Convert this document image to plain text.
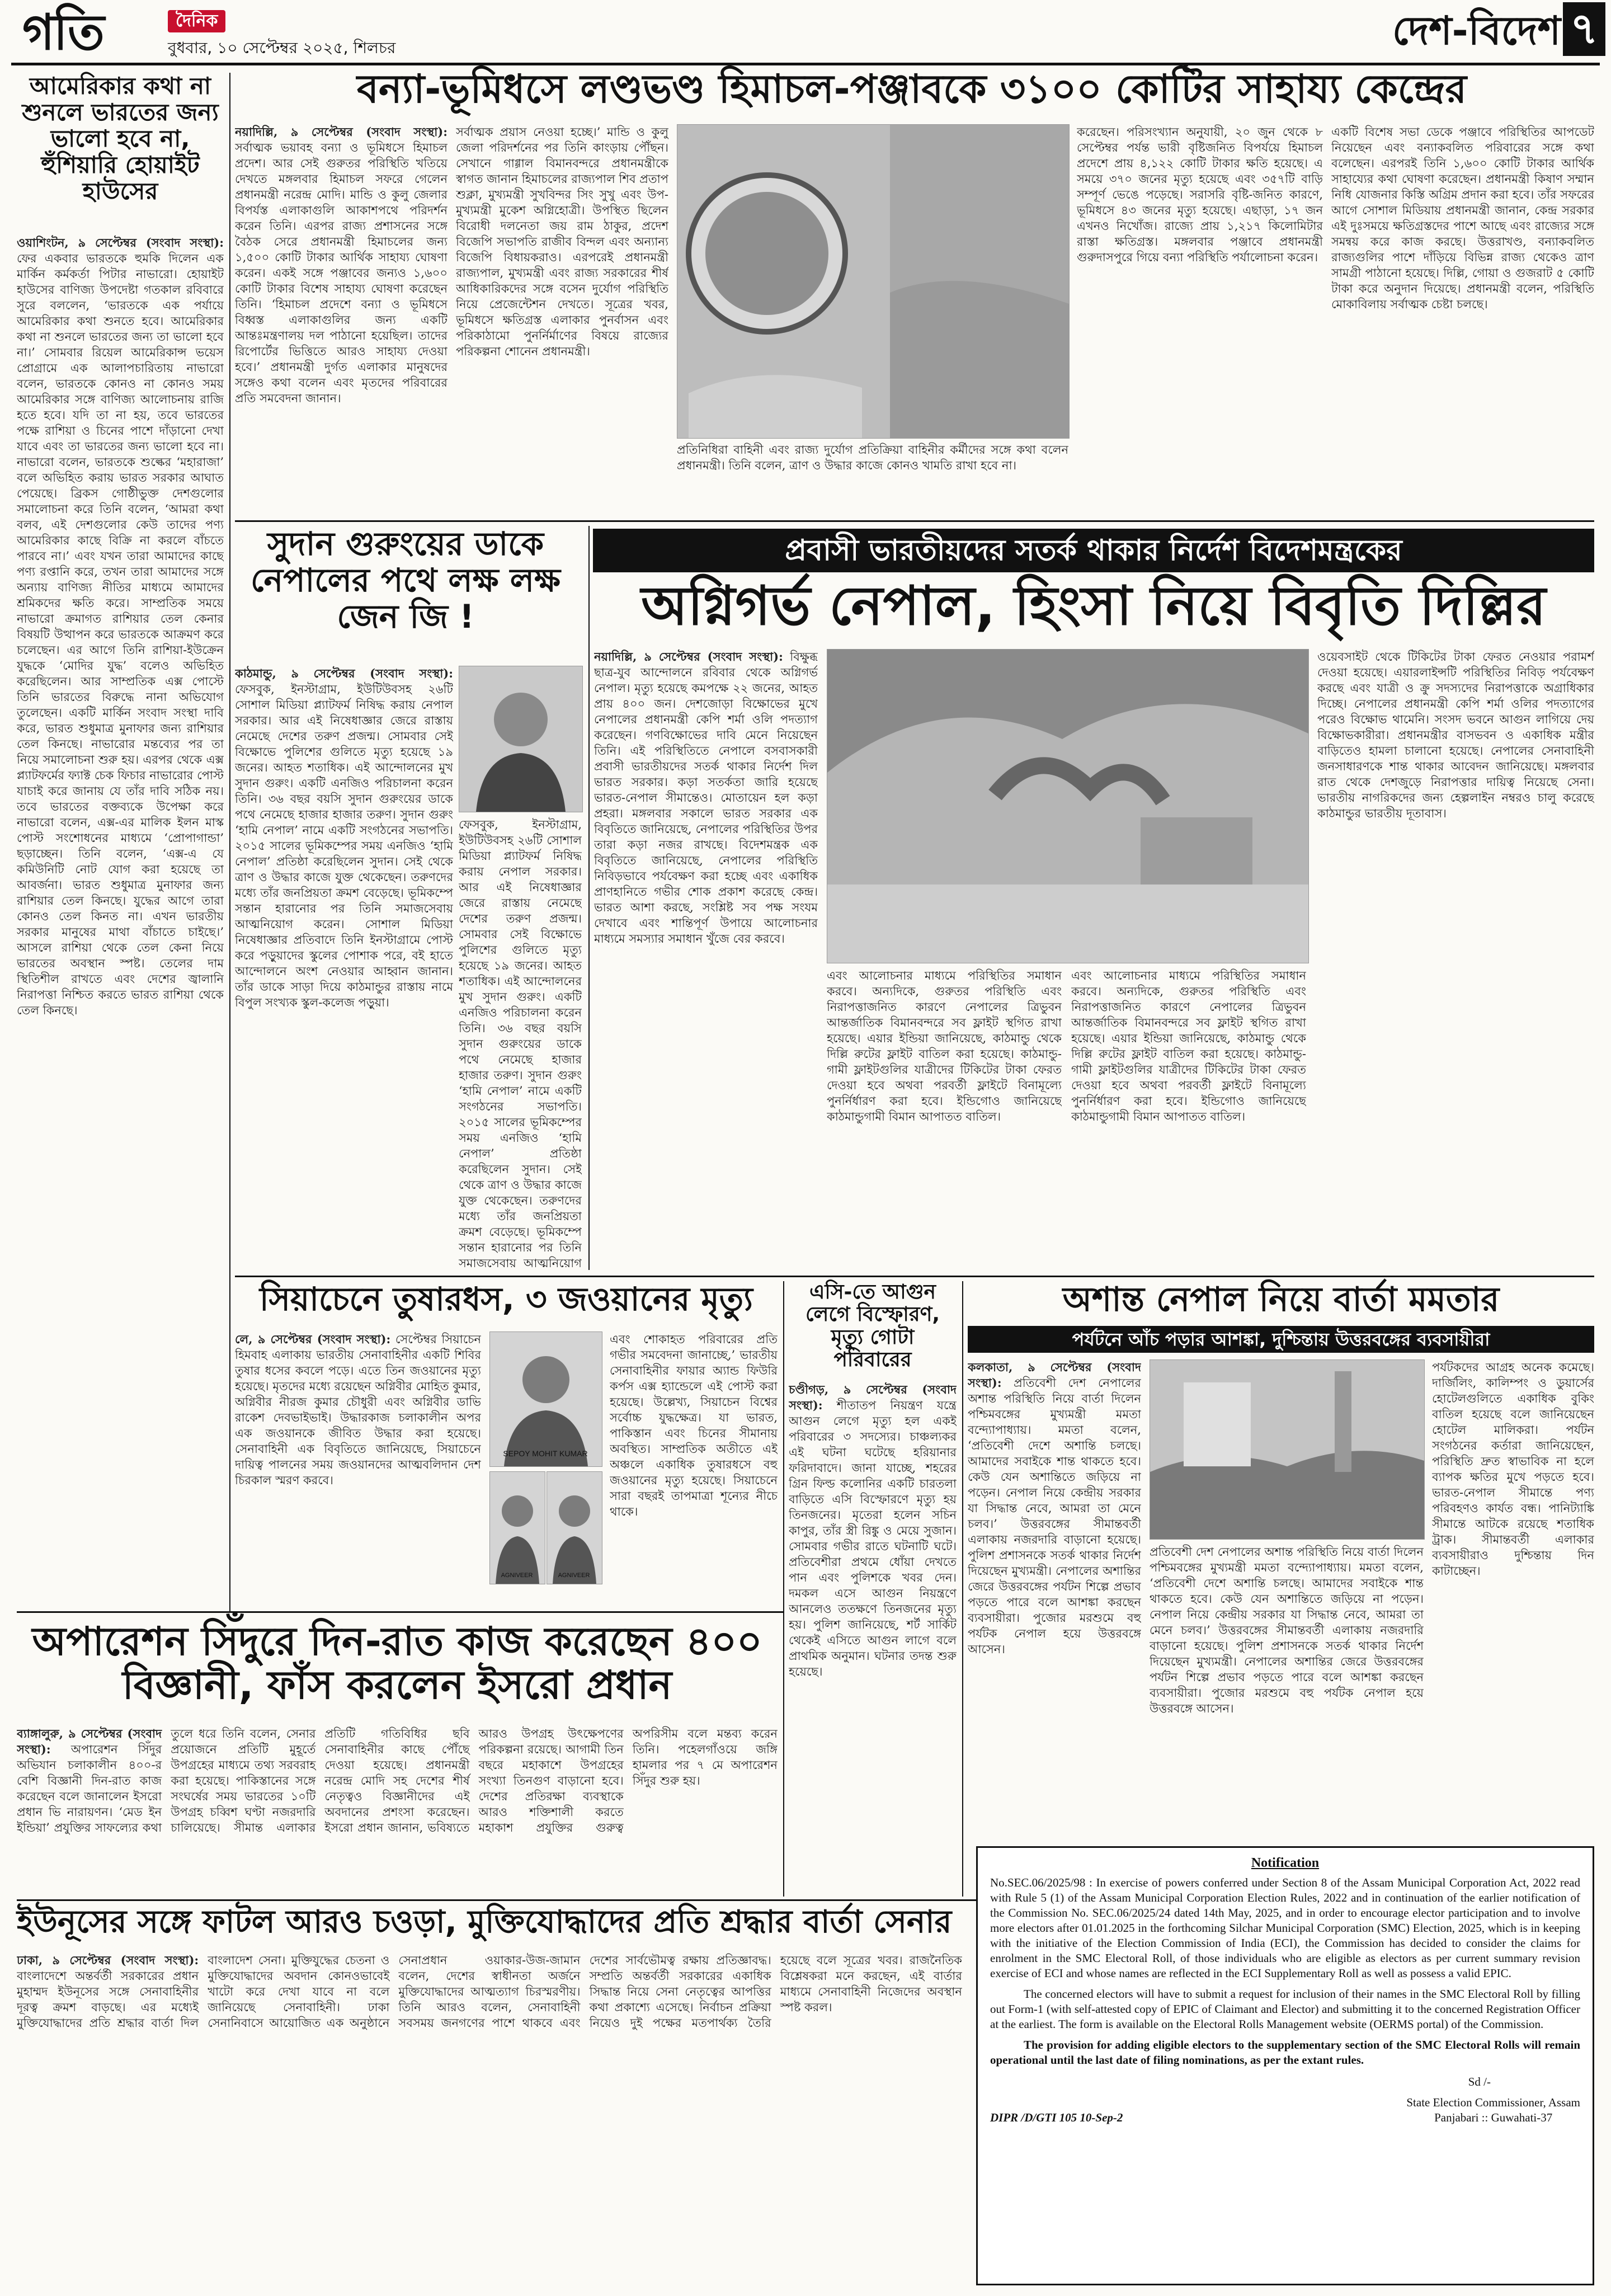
গতি	দৈনিক
বুধবার, ১০ সেপ্টেম্বর ২০২৫, শিলচর	দেশ-বিদেশ ৭
আমেরিকার কথা না শুনলে ভারতের জন্য ভালো হবে না, হুঁশিয়ারি হোয়াইট হাউসের
ওয়াশিংটন, ৯ সেপ্টেম্বর (সংবাদ সংস্থা): ফের একবার ভারতকে হুমকি দিলেন এক মার্কিন কর্মকর্তা পিটার নাভারো। হোয়াইট হাউসের বাণিজ্য উপদেষ্টা গতকাল রবিবারে সুরে বললেন, ‘ভারতকে এক পর্যায়ে আমেরিকার কথা শুনতে হবে। আমেরিকার কথা না শুনলে ভারতের জন্য তা ভালো হবে না।’ সোমবার রিয়েল আমেরিকান্স ভয়েস প্রোগ্রামে এক আলাপচারিতায় নাভারো বলেন, ভারতকে কোনও না কোনও সময় আমেরিকার সঙ্গে বাণিজ্য আলোচনায় রাজি হতে হবে। যদি তা না হয়, তবে ভারতের পক্ষে রাশিয়া ও চিনের পাশে দাঁড়ানো দেখা যাবে এবং তা ভারতের জন্য ভালো হবে না। নাভারো বলেন, ভারতকে শুল্কের ‘মহারাজা’ বলে অভিহিত করায় ভারত সরকার আঘাত পেয়েছে। ব্রিকস গোষ্ঠীভুক্ত দেশগুলোর সমালোচনা করে তিনি বলেন, ‘আমরা কথা বলব, এই দেশগুলোর কেউ তাদের পণ্য আমেরিকার কাছে বিক্রি না করলে বাঁচতে পারবে না।’ এবং যখন তারা আমাদের কাছে পণ্য রপ্তানি করে, তখন তারা আমাদের সঙ্গে অন্যায় বাণিজ্য নীতির মাধ্যমে আমাদের শ্রমিকদের ক্ষতি করে। সাম্প্রতিক সময়ে নাভারো ক্রমাগত রাশিয়ার তেল কেনার বিষয়টি উত্থাপন করে ভারতকে আক্রমণ করে চলেছেন। এর আগে তিনি রাশিয়া-ইউক্রেন যুদ্ধকে ‘মোদির যুদ্ধ’ বলেও অভিহিত করেছিলেন। আর সাম্প্রতিক এক্স পোস্টে তিনি ভারতের বিরুদ্ধে নানা অভিযোগ তুলেছেন। একটি মার্কিন সংবাদ সংস্থা দাবি করে, ভারত শুধুমাত্র মুনাফার জন্য রাশিয়ার তেল কিনছে। নাভারোর মন্তব্যের পর তা নিয়ে সমালোচনা শুরু হয়। এরপর থেকে এক্স প্ল্যাটফর্মের ফ্যাক্ট চেক ফিচার নাভারোর পোস্ট যাচাই করে জানায় যে তাঁর দাবি সঠিক নয়। তবে ভারতের বক্তব্যকে উপেক্ষা করে নাভারো বলেন, এক্স-এর মালিক ইলন মাস্ক পোস্ট সংশোধনের মাধ্যমে ‘প্রোপাগান্ডা’ ছড়াচ্ছেন। তিনি বলেন, ‘এক্স-এ যে কমিউনিটি নোট যোগ করা হয়েছে তা আবর্জনা। ভারত শুধুমাত্র মুনাফার জন্য রাশিয়ার তেল কিনছে। যুদ্ধের আগে তারা কোনও তেল কিনত না। এখন ভারতীয় সরকার মানুষের মাথা বাঁচাতে চাইছে।’ আসলে রাশিয়া থেকে তেল কেনা নিয়ে ভারতের অবস্থান স্পষ্ট। তেলের দাম স্থিতিশীল রাখতে এবং দেশের জ্বালানি নিরাপত্তা নিশ্চিত করতে ভারত রাশিয়া থেকে তেল কিনছে।
বন্যা-ভূমিধসে লণ্ডভণ্ড হিমাচল-পঞ্জাবকে ৩১০০ কোটির সাহায্য কেন্দ্রের
নয়াদিল্লি, ৯ সেপ্টেম্বর (সংবাদ সংস্থা): সর্বাত্মক ভয়াবহ বন্যা ও ভূমিধসে হিমাচল প্রদেশ। আর সেই গুরুতর পরিস্থিতি খতিয়ে দেখতে মঙ্গলবার হিমাচল সফরে গেলেন প্রধানমন্ত্রী নরেন্দ্র মোদি। মান্ডি ও কুলু জেলার বিপর্যস্ত এলাকাগুলি আকাশপথে পরিদর্শন করেন তিনি। এরপর রাজ্য প্রশাসনের সঙ্গে বৈঠক সেরে প্রধানমন্ত্রী হিমাচলের জন্য ১,৫০০ কোটি টাকার আর্থিক সাহায্য ঘোষণা করেন। একই সঙ্গে পঞ্জাবের জন্যও ১,৬০০ কোটি টাকার বিশেষ সাহায্য ঘোষণা করেছেন তিনি। ‘হিমাচল প্রদেশে বন্যা ও ভূমিধসে বিধ্বস্ত এলাকাগুলির জন্য একটি আন্তঃমন্ত্রণালয় দল পাঠানো হয়েছিল। তাদের রিপোর্টের ভিত্তিতে আরও সাহায্য দেওয়া হবে।’ প্রধানমন্ত্রী দুর্গত এলাকার মানুষদের সঙ্গেও কথা বলেন এবং মৃতদের পরিবারের প্রতি সমবেদনা জানান।
সর্বাত্মক প্রয়াস নেওয়া হচ্ছে।’ মান্ডি ও কুলু জেলা পরিদর্শনের পর তিনি কাংড়ায় পৌঁছন। সেখানে গাগ্গাল বিমানবন্দরে প্রধানমন্ত্রীকে স্বাগত জানান হিমাচলের রাজ্যপাল শিব প্রতাপ শুক্লা, মুখ্যমন্ত্রী সুখবিন্দর সিং সুখু এবং উপ-মুখ্যমন্ত্রী মুকেশ অগ্নিহোত্রী। উপস্থিত ছিলেন বিরোধী দলনেতা জয় রাম ঠাকুর, প্রদেশ বিজেপি সভাপতি রাজীব বিন্দল এবং অন্যান্য বিজেপি বিধায়করাও। এরপরেই প্রধানমন্ত্রী রাজ্যপাল, মুখ্যমন্ত্রী এবং রাজ্য সরকারের শীর্ষ আধিকারিকদের সঙ্গে বসেন দুর্যোগ পরিস্থিতি নিয়ে প্রেজেন্টেশন দেখতে। সূত্রের খবর, ভূমিধসে ক্ষতিগ্রস্ত এলাকার পুনর্বাসন এবং পরিকাঠামো পুনর্নির্মাণের বিষয়ে রাজ্যের পরিকল্পনা শোনেন প্রধানমন্ত্রী।
প্রতিনিধিরা বাহিনী এবং রাজ্য দুর্যোগ প্রতিক্রিয়া বাহিনীর কর্মীদের সঙ্গে কথা বলেন প্রধানমন্ত্রী। তিনি বলেন, ত্রাণ ও উদ্ধার কাজে কোনও খামতি রাখা হবে না।
করেছেন। পরিসংখ্যান অনুযায়ী, ২০ জুন থেকে ৮ সেপ্টেম্বর পর্যন্ত ভারী বৃষ্টিজনিত বিপর্যয়ে হিমাচল প্রদেশে প্রায় ৪,১২২ কোটি টাকার ক্ষতি হয়েছে। এ সময়ে ৩৭০ জনের মৃত্যু হয়েছে এবং ৩৫৭টি বাড়ি সম্পূর্ণ ভেঙে পড়েছে। সরাসরি বৃষ্টি-জনিত কারণে, ভূমিধসে ৪৩ জনের মৃত্যু হয়েছে। এছাড়া, ১৭ জন এখনও নিখোঁজ। রাজ্যে প্রায় ১,২১৭ কিলোমিটার রাস্তা ক্ষতিগ্রস্ত। মঙ্গলবার পঞ্জাবে প্রধানমন্ত্রী গুরুদাসপুরে গিয়ে বন্যা পরিস্থিতি পর্যালোচনা করেন।
একটি বিশেষ সভা ডেকে পঞ্জাবে পরিস্থিতির আপডেট নিয়েছেন এবং বন্যাকবলিত পরিবারের সঙ্গে কথা বলেছেন। এরপরই তিনি ১,৬০০ কোটি টাকার আর্থিক সাহায্যের কথা ঘোষণা করেছেন। প্রধানমন্ত্রী কিষাণ সম্মান নিধি যোজনার কিস্তি অগ্রিম প্রদান করা হবে। তাঁর সফরের আগে সোশাল মিডিয়ায় প্রধানমন্ত্রী জানান, কেন্দ্র সরকার এই দুঃসময়ে ক্ষতিগ্রস্তদের পাশে আছে এবং রাজ্যের সঙ্গে সমন্বয় করে কাজ করছে। উত্তরাখণ্ড, বন্যাকবলিত রাজ্যগুলির পাশে দাঁড়িয়ে বিভিন্ন রাজ্য থেকেও ত্রাণ সামগ্রী পাঠানো হয়েছে। দিল্লি, গোয়া ও গুজরাট ৫ কোটি টাকা করে অনুদান দিয়েছে। প্রধানমন্ত্রী বলেন, পরিস্থিতি মোকাবিলায় সর্বাত্মক চেষ্টা চলছে।
সুদান গুরুংয়ের ডাকে নেপালের পথে লক্ষ লক্ষ জেন জি !
কাঠমান্ডু, ৯ সেপ্টেম্বর (সংবাদ সংস্থা): ফেসবুক, ইনস্টাগ্রাম, ইউটিউবসহ ২৬টি সোশাল মিডিয়া প্ল্যাটফর্ম নিষিদ্ধ করায় নেপাল সরকার। আর এই নিষেধাজ্ঞার জেরে রাস্তায় নেমেছে দেশের তরুণ প্রজন্ম। সোমবার সেই বিক্ষোভে পুলিশের গুলিতে মৃত্যু হয়েছে ১৯ জনের। আহত শতাধিক। এই আন্দোলনের মুখ সুদান গুরুং। একটি এনজিও পরিচালনা করেন তিনি। ৩৬ বছর বয়সি সুদান গুরুংয়ের ডাকে পথে নেমেছে হাজার হাজার তরুণ। সুদান গুরুং ‘হামি নেপাল’ নামে একটি সংগঠনের সভাপতি। ২০১৫ সালের ভূমিকম্পের সময় এনজিও ‘হামি নেপাল’ প্রতিষ্ঠা করেছিলেন সুদান। সেই থেকে ত্রাণ ও উদ্ধার কাজে যুক্ত থেকেছেন। তরুণদের মধ্যে তাঁর জনপ্রিয়তা ক্রমশ বেড়েছে। ভূমিকম্পে সন্তান হারানোর পর তিনি সমাজসেবায় আত্মনিয়োগ করেন। সোশাল মিডিয়া নিষেধাজ্ঞার প্রতিবাদে তিনি ইনস্টাগ্রামে পোস্ট করে পড়ুয়াদের স্কুলের পোশাক পরে, বই হাতে আন্দোলনে অংশ নেওয়ার আহ্বান জানান। তাঁর ডাকে সাড়া দিয়ে কাঠমান্ডুর রাস্তায় নামে বিপুল সংখ্যক স্কুল-কলেজ পড়ুয়া।
ফেসবুক, ইনস্টাগ্রাম, ইউটিউবসহ ২৬টি সোশাল মিডিয়া প্ল্যাটফর্ম নিষিদ্ধ করায় নেপাল সরকার। আর এই নিষেধাজ্ঞার জেরে রাস্তায় নেমেছে দেশের তরুণ প্রজন্ম। সোমবার সেই বিক্ষোভে পুলিশের গুলিতে মৃত্যু হয়েছে ১৯ জনের। আহত শতাধিক। এই আন্দোলনের মুখ সুদান গুরুং। একটি এনজিও পরিচালনা করেন তিনি। ৩৬ বছর বয়সি সুদান গুরুংয়ের ডাকে পথে নেমেছে হাজার হাজার তরুণ। সুদান গুরুং ‘হামি নেপাল’ নামে একটি সংগঠনের সভাপতি। ২০১৫ সালের ভূমিকম্পের সময় এনজিও ‘হামি নেপাল’ প্রতিষ্ঠা করেছিলেন সুদান। সেই থেকে ত্রাণ ও উদ্ধার কাজে যুক্ত থেকেছেন। তরুণদের মধ্যে তাঁর জনপ্রিয়তা ক্রমশ বেড়েছে। ভূমিকম্পে সন্তান হারানোর পর তিনি সমাজসেবায় আত্মনিয়োগ
প্রবাসী ভারতীয়দের সতর্ক থাকার নির্দেশ বিদেশমন্ত্রকের
অগ্নিগর্ভ নেপাল, হিংসা নিয়ে বিবৃতি দিল্লির
নয়াদিল্লি, ৯ সেপ্টেম্বর (সংবাদ সংস্থা): বিক্ষুব্ধ ছাত্র-যুব আন্দোলনে রবিবার থেকে অগ্নিগর্ভ নেপাল। মৃত্যু হয়েছে কমপক্ষে ২২ জনের, আহত প্রায় ৪০০ জন। দেশজোড়া বিক্ষোভের মুখে নেপালের প্রধানমন্ত্রী কেপি শর্মা ওলি পদত্যাগ করেছেন। গণবিক্ষোভের দাবি মেনে নিয়েছেন তিনি। এই পরিস্থিতিতে নেপালে বসবাসকারী প্রবাসী ভারতীয়দের সতর্ক থাকার নির্দেশ দিল ভারত সরকার। কড়া সতর্কতা জারি হয়েছে ভারত-নেপাল সীমান্তেও। মোতায়েন হল কড়া প্রহরা। মঙ্গলবার সকালে ভারত সরকার এক বিবৃতিতে জানিয়েছে, নেপালের পরিস্থিতির উপর তারা কড়া নজর রাখছে। বিদেশমন্ত্রক এক বিবৃতিতে জানিয়েছে, নেপালের পরিস্থিতি নিবিড়ভাবে পর্যবেক্ষণ করা হচ্ছে এবং একাধিক প্রাণহানিতে গভীর শোক প্রকাশ করেছে কেন্দ্র। ভারত আশা করছে, সংশ্লিষ্ট সব পক্ষ সংযম দেখাবে এবং শান্তিপূর্ণ উপায়ে আলোচনার মাধ্যমে সমস্যার সমাধান খুঁজে বের করবে।
এবং আলোচনার মাধ্যমে পরিস্থিতির সমাধান করবে। অন্যদিকে, গুরুতর পরিস্থিতি এবং নিরাপত্তাজনিত কারণে নেপালের ত্রিভুবন আন্তর্জাতিক বিমানবন্দরে সব ফ্লাইট স্থগিত রাখা হয়েছে। এয়ার ইন্ডিয়া জানিয়েছে, কাঠমান্ডু থেকে দিল্লি রুটের ফ্লাইট বাতিল করা হয়েছে। কাঠমান্ডু-গামী ফ্লাইটগুলির যাত্রীদের টিকিটের টাকা ফেরত দেওয়া হবে অথবা পরবর্তী ফ্লাইটে বিনামূল্যে পুনর্নির্ধারণ করা হবে। ইন্ডিগোও জানিয়েছে কাঠমান্ডুগামী বিমান আপাতত বাতিল।
এবং আলোচনার মাধ্যমে পরিস্থিতির সমাধান করবে। অন্যদিকে, গুরুতর পরিস্থিতি এবং নিরাপত্তাজনিত কারণে নেপালের ত্রিভুবন আন্তর্জাতিক বিমানবন্দরে সব ফ্লাইট স্থগিত রাখা হয়েছে। এয়ার ইন্ডিয়া জানিয়েছে, কাঠমান্ডু থেকে দিল্লি রুটের ফ্লাইট বাতিল করা হয়েছে। কাঠমান্ডু-গামী ফ্লাইটগুলির যাত্রীদের টিকিটের টাকা ফেরত দেওয়া হবে অথবা পরবর্তী ফ্লাইটে বিনামূল্যে পুনর্নির্ধারণ করা হবে। ইন্ডিগোও জানিয়েছে কাঠমান্ডুগামী বিমান আপাতত বাতিল।
ওয়েবসাইট থেকে টিকিটের টাকা ফেরত নেওয়ার পরামর্শ দেওয়া হয়েছে। এয়ারলাইন্সটি পরিস্থিতির নিবিড় পর্যবেক্ষণ করছে এবং যাত্রী ও ক্রু সদস্যদের নিরাপত্তাকে অগ্রাধিকার দিচ্ছে। নেপালের প্রধানমন্ত্রী কেপি শর্মা ওলির পদত্যাগের পরেও বিক্ষোভ থামেনি। সংসদ ভবনে আগুন লাগিয়ে দেয় বিক্ষোভকারীরা। প্রধানমন্ত্রীর বাসভবন ও একাধিক মন্ত্রীর বাড়িতেও হামলা চালানো হয়েছে। নেপালের সেনাবাহিনী জনসাধারণকে শান্ত থাকার আবেদন জানিয়েছে। মঙ্গলবার রাত থেকে দেশজুড়ে নিরাপত্তার দায়িত্ব নিয়েছে সেনা। ভারতীয় নাগরিকদের জন্য হেল্পলাইন নম্বরও চালু করেছে কাঠমান্ডুর ভারতীয় দূতাবাস।
সিয়াচেনে তুষারধস, ৩ জওয়ানের মৃত্যু
লে, ৯ সেপ্টেম্বর (সংবাদ সংস্থা): সেপ্টেম্বর সিয়াচেন হিমবাহ এলাকায় ভারতীয় সেনাবাহিনীর একটি শিবির তুষার ধসের কবলে পড়ে। এতে তিন জওয়ানের মৃত্যু হয়েছে। মৃতদের মধ্যে রয়েছেন অগ্নিবীর মোহিত কুমার, অগ্নিবীর নীরজ কুমার চৌধুরী এবং অগ্নিবীর ডাভি রাকেশ দেবভাইভাই। উদ্ধারকাজ চলাকালীন অপর এক জওয়ানকে জীবিত উদ্ধার করা হয়েছে। সেনাবাহিনী এক বিবৃতিতে জানিয়েছে, সিয়াচেনে দায়িত্ব পালনের সময় জওয়ানদের আত্মবলিদান দেশ চিরকাল স্মরণ করবে।
SEPOY MOHIT KUMAR
AGNIVEER	AGNIVEER
এবং শোকাহত পরিবারের প্রতি গভীর সমবেদনা জানাচ্ছে,’ ভারতীয় সেনাবাহিনীর ফায়ার অ্যান্ড ফিউরি কর্পস এক্স হ্যান্ডেলে এই পোস্ট করা হয়েছে। উল্লেখ্য, সিয়াচেন বিশ্বের সর্বোচ্চ যুদ্ধক্ষেত্র। যা ভারত, পাকিস্তান এবং চিনের সীমানায় অবস্থিত। সাম্প্রতিক অতীতে এই অঞ্চলে একাধিক তুষারধসে বহু জওয়ানের মৃত্যু হয়েছে। সিয়াচেনে সারা বছরই তাপমাত্রা শূন্যের নীচে থাকে।
এসি-তে আগুন লেগে বিস্ফোরণ, মৃত্যু গোটা পরিবারের
চণ্ডীগড়, ৯ সেপ্টেম্বর (সংবাদ সংস্থা): শীতাতপ নিয়ন্ত্রণ যন্ত্রে আগুন লেগে মৃত্যু হল একই পরিবারের ৩ সদস্যের। চাঞ্চল্যকর এই ঘটনা ঘটেছে হরিয়ানার ফরিদাবাদে। জানা যাচ্ছে, শহরের গ্রিন ফিল্ড কলোনির একটি চারতলা বাড়িতে এসি বিস্ফোরণে মৃত্যু হয় তিনজনের। মৃতেরা হলেন সচিন কাপুর, তাঁর স্ত্রী রিঙ্কু ও মেয়ে সুজান। সোমবার গভীর রাতে ঘটনাটি ঘটে। প্রতিবেশীরা প্রথমে ধোঁয়া দেখতে পান এবং পুলিশকে খবর দেন। দমকল এসে আগুন নিয়ন্ত্রণে আনলেও ততক্ষণে তিনজনের মৃত্যু হয়। পুলিশ জানিয়েছে, শর্ট সার্কিট থেকেই এসিতে আগুন লাগে বলে প্রাথমিক অনুমান। ঘটনার তদন্ত শুরু হয়েছে।
অশান্ত নেপাল নিয়ে বার্তা মমতার
পর্যটনে আঁচ পড়ার আশঙ্কা, দুশ্চিন্তায় উত্তরবঙ্গের ব্যবসায়ীরা
কলকাতা, ৯ সেপ্টেম্বর (সংবাদ সংস্থা): প্রতিবেশী দেশ নেপালের অশান্ত পরিস্থিতি নিয়ে বার্তা দিলেন পশ্চিমবঙ্গের মুখ্যমন্ত্রী মমতা বন্দ্যোপাধ্যায়। মমতা বলেন, ‘প্রতিবেশী দেশে অশান্তি চলছে। আমাদের সবাইকে শান্ত থাকতে হবে। কেউ যেন অশান্তিতে জড়িয়ে না পড়েন। নেপাল নিয়ে কেন্দ্রীয় সরকার যা সিদ্ধান্ত নেবে, আমরা তা মেনে চলব।’ উত্তরবঙ্গের সীমান্তবর্তী এলাকায় নজরদারি বাড়ানো হয়েছে। পুলিশ প্রশাসনকে সতর্ক থাকার নির্দেশ দিয়েছেন মুখ্যমন্ত্রী। নেপালের অশান্তির জেরে উত্তরবঙ্গের পর্যটন শিল্পে প্রভাব পড়তে পারে বলে আশঙ্কা করছেন ব্যবসায়ীরা। পুজোর মরশুমে বহু পর্যটক নেপাল হয়ে উত্তরবঙ্গে আসেন।
প্রতিবেশী দেশ নেপালের অশান্ত পরিস্থিতি নিয়ে বার্তা দিলেন পশ্চিমবঙ্গের মুখ্যমন্ত্রী মমতা বন্দ্যোপাধ্যায়। মমতা বলেন, ‘প্রতিবেশী দেশে অশান্তি চলছে। আমাদের সবাইকে শান্ত থাকতে হবে। কেউ যেন অশান্তিতে জড়িয়ে না পড়েন। নেপাল নিয়ে কেন্দ্রীয় সরকার যা সিদ্ধান্ত নেবে, আমরা তা মেনে চলব।’ উত্তরবঙ্গের সীমান্তবর্তী এলাকায় নজরদারি বাড়ানো হয়েছে। পুলিশ প্রশাসনকে সতর্ক থাকার নির্দেশ দিয়েছেন মুখ্যমন্ত্রী। নেপালের অশান্তির জেরে উত্তরবঙ্গের পর্যটন শিল্পে প্রভাব পড়তে পারে বলে আশঙ্কা করছেন ব্যবসায়ীরা। পুজোর মরশুমে বহু পর্যটক নেপাল হয়ে উত্তরবঙ্গে আসেন।
পর্যটকদের আগ্রহ অনেক কমেছে। দার্জিলিং, কালিম্পং ও ডুয়ার্সের হোটেলগুলিতে একাধিক বুকিং বাতিল হয়েছে বলে জানিয়েছেন হোটেল মালিকরা। পর্যটন সংগঠনের কর্তারা জানিয়েছেন, পরিস্থিতি দ্রুত স্বাভাবিক না হলে ব্যাপক ক্ষতির মুখে পড়তে হবে। ভারত-নেপাল সীমান্তে পণ্য পরিবহণও কার্যত বন্ধ। পানিট্যাঙ্কি সীমান্তে আটকে রয়েছে শতাধিক ট্রাক। সীমান্তবর্তী এলাকার ব্যবসায়ীরাও দুশ্চিন্তায় দিন কাটাচ্ছেন।
অপারেশন সিঁদুরে দিন-রাত কাজ করেছেন ৪০০ বিজ্ঞানী, ফাঁস করলেন ইসরো প্রধান
ব্যাঙ্গালুরু, ৯ সেপ্টেম্বর (সংবাদ সংস্থা): অপারেশন সিঁদুর অভিযান চলাকালীন ৪০০-র বেশি বিজ্ঞানী দিন-রাত কাজ করেছেন বলে জানালেন ইসরো প্রধান ভি নারায়ণন। ‘মেড ইন ইন্ডিয়া’ প্রযুক্তির সাফল্যের কথা তুলে ধরে তিনি বলেন, সেনার প্রয়োজনে প্রতিটি মুহূর্তে উপগ্রহের মাধ্যমে তথ্য সরবরাহ করা হয়েছে। পাকিস্তানের সঙ্গে সংঘর্ষের সময় ভারতের ১০টি উপগ্রহ চব্বিশ ঘণ্টা নজরদারি চালিয়েছে। সীমান্ত এলাকার প্রতিটি গতিবিধির ছবি সেনাবাহিনীর কাছে পৌঁছে দেওয়া হয়েছে। প্রধানমন্ত্রী নরেন্দ্র মোদি সহ দেশের শীর্ষ নেতৃত্বও বিজ্ঞানীদের এই অবদানের প্রশংসা করেছেন। ইসরো প্রধান জানান, ভবিষ্যতে আরও উপগ্রহ উৎক্ষেপণের পরিকল্পনা রয়েছে। আগামী তিন বছরে মহাকাশে উপগ্রহের সংখ্যা তিনগুণ বাড়ানো হবে। দেশের প্রতিরক্ষা ব্যবস্থাকে আরও শক্তিশালী করতে মহাকাশ প্রযুক্তির গুরুত্ব অপরিসীম বলে মন্তব্য করেন তিনি। পহেলগাঁওয়ে জঙ্গি হামলার পর ৭ মে অপারেশন সিঁদুর শুরু হয়।
ইউনূসের সঙ্গে ফাটল আরও চওড়া, মুক্তিযোদ্ধাদের প্রতি শ্রদ্ধার বার্তা সেনার
ঢাকা, ৯ সেপ্টেম্বর (সংবাদ সংস্থা): বাংলাদেশে অন্তর্বর্তী সরকারের প্রধান মুহাম্মদ ইউনূসের সঙ্গে সেনাবাহিনীর দূরত্ব ক্রমশ বাড়ছে। এর মধ্যেই মুক্তিযোদ্ধাদের প্রতি শ্রদ্ধার বার্তা দিল বাংলাদেশ সেনা। মুক্তিযুদ্ধের চেতনা ও মুক্তিযোদ্ধাদের অবদান কোনওভাবেই খাটো করে দেখা যাবে না বলে জানিয়েছে সেনাবাহিনী। ঢাকা সেনানিবাসে আয়োজিত এক অনুষ্ঠানে সেনাপ্রধান ওয়াকার-উজ-জামান বলেন, দেশের স্বাধীনতা অর্জনে মুক্তিযোদ্ধাদের আত্মত্যাগ চিরস্মরণীয়। তিনি আরও বলেন, সেনাবাহিনী সবসময় জনগণের পাশে থাকবে এবং দেশের সার্বভৌমত্ব রক্ষায় প্রতিজ্ঞাবদ্ধ। সম্প্রতি অন্তর্বর্তী সরকারের একাধিক সিদ্ধান্ত নিয়ে সেনা নেতৃত্বের আপত্তির কথা প্রকাশ্যে এসেছে। নির্বাচন প্রক্রিয়া নিয়েও দুই পক্ষের মতপার্থক্য তৈরি হয়েছে বলে সূত্রের খবর। রাজনৈতিক বিশ্লেষকরা মনে করছেন, এই বার্তার মাধ্যমে সেনাবাহিনী নিজেদের অবস্থান স্পষ্ট করল।
Notification
No.SEC.06/2025/98 : In exercise of powers conferred under Section 8 of the Assam Municipal Corporation Act, 2022 read with Rule 5 (1) of the Assam Municipal Corporation Election Rules, 2022 and in continuation of the earlier notification of the Commission No. SEC.06/2025/24 dated 14th May, 2025, and in order to encourage elector participation and to involve more electors after 01.01.2025 in the forthcoming Silchar Municipal Corporation (SMC) Election, 2025, which is in keeping with the initiative of the Election Commission of India (ECI), the Commission has decided to consider the claims for enrolment in the SMC Electoral Roll, of those individuals who are eligible as electors as per current summary revision exercise of ECI and whose names are reflected in the ECI Supplementary Roll as well as possess a valid EPIC.
The concerned electors will have to submit a request for inclusion of their names in the SMC Electoral Roll by filling out Form-1 (with self-attested copy of EPIC of Claimant and Elector) and submitting it to the concerned Registration Officer at the earliest. The form is available on the Electoral Rolls Management website (OERMS portal) of the Commission.
The provision for adding eligible electors to the supplementary section of the SMC Electoral Rolls will remain operational until the last date of filing nominations, as per the extant rules.
Sd /-
DIPR /D/GTI 105 10-Sep-2
State Election Commissioner, Assam
Panjabari :: Guwahati-37
